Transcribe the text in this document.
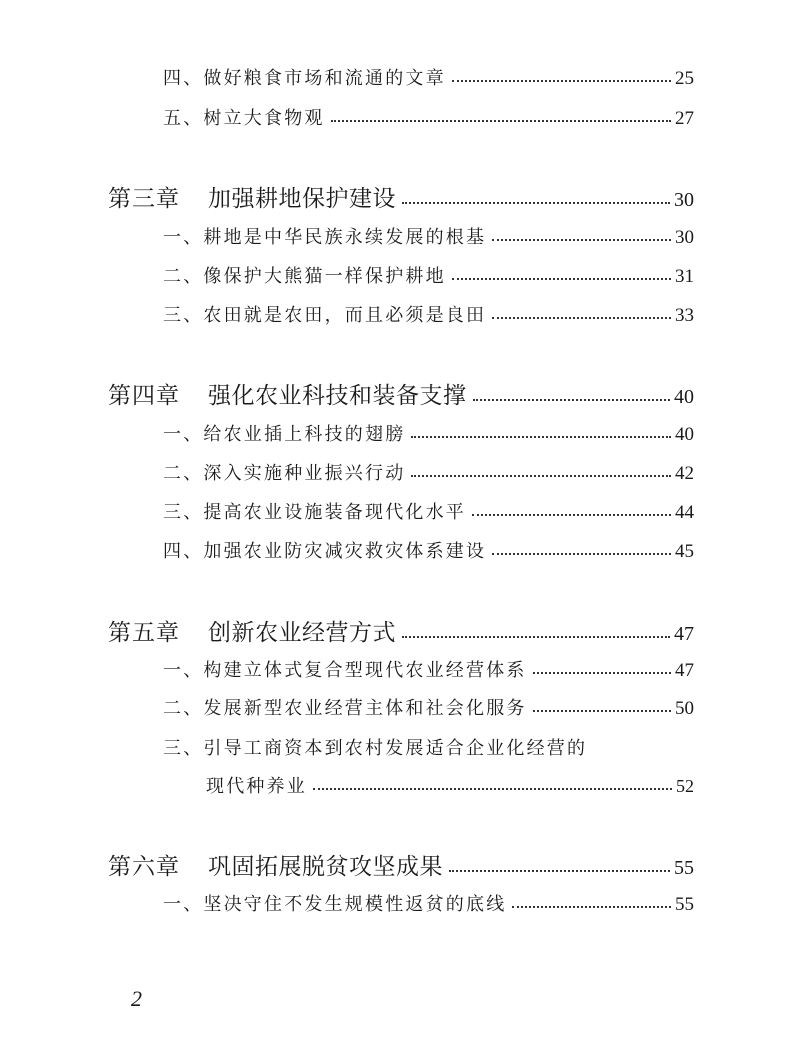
四 、 做好粮食市场和流通的文章	25
五 、 树立大食物观	27
第三章 加强耕地保护建设	30
一 、 耕地是中华民族永续发展的根基	30
二 、 像保护大熊猫一样保护耕地	31
三 、 农田就是农田，而且必须是良田	33
第四章 强化农业科技和装备支撑	40
一 、 给农业插上科技的翅膀	40
二 、 深入实施种业振兴行动	42
三 、 提高农业设施装备现代化水平	44
四 、 加强农业防灾减灾救灾体系建设	45
第五章 创新农业经营方式	47
一 、 构建立体式复合型现代农业经营体系	47
二 、 发展新型农业经营主体和社会化服务	50
三、引导工商资本到农村发展适合企业化经营的
现代种养业	52
第六章 巩固拓展脱贫攻坚成果	55
一 、 坚决守住不发生规模性返贫的底线	55
2
